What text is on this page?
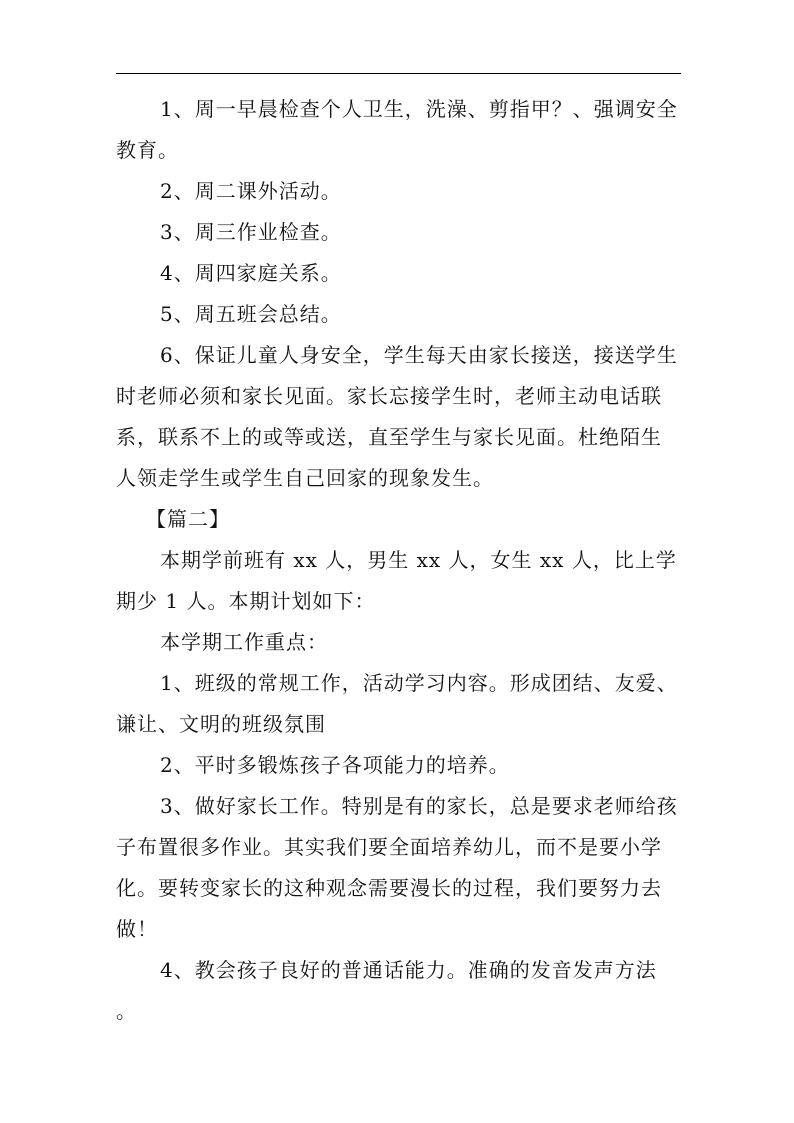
1、周一早晨检查个人卫生，洗澡、剪指甲？、强调安全教育。

2、周二课外活动。

3、周三作业检查。

4、周四家庭关系。

5、周五班会总结。

6、保证儿童人身安全，学生每天由家长接送，接送学生时老师必须和家长见面。家长忘接学生时，老师主动电话联系，联系不上的或等或送，直至学生与家长见面。杜绝陌生人领走学生或学生自己回家的现象发生。

【篇二】

本期学前班有 xx 人，男生 xx 人，女生 xx 人，比上学期少 1 人。本期计划如下：

本学期工作重点：

1、班级的常规工作，活动学习内容。形成团结、友爱、谦让、文明的班级氛围

2、平时多锻炼孩子各项能力的培养。

3、做好家长工作。特别是有的家长，总是要求老师给孩子布置很多作业。其实我们要全面培养幼儿，而不是要小学化。要转变家长的这种观念需要漫长的过程，我们要努力去做！

4、教会孩子良好的普通话能力。准确的发音发声方法 。
